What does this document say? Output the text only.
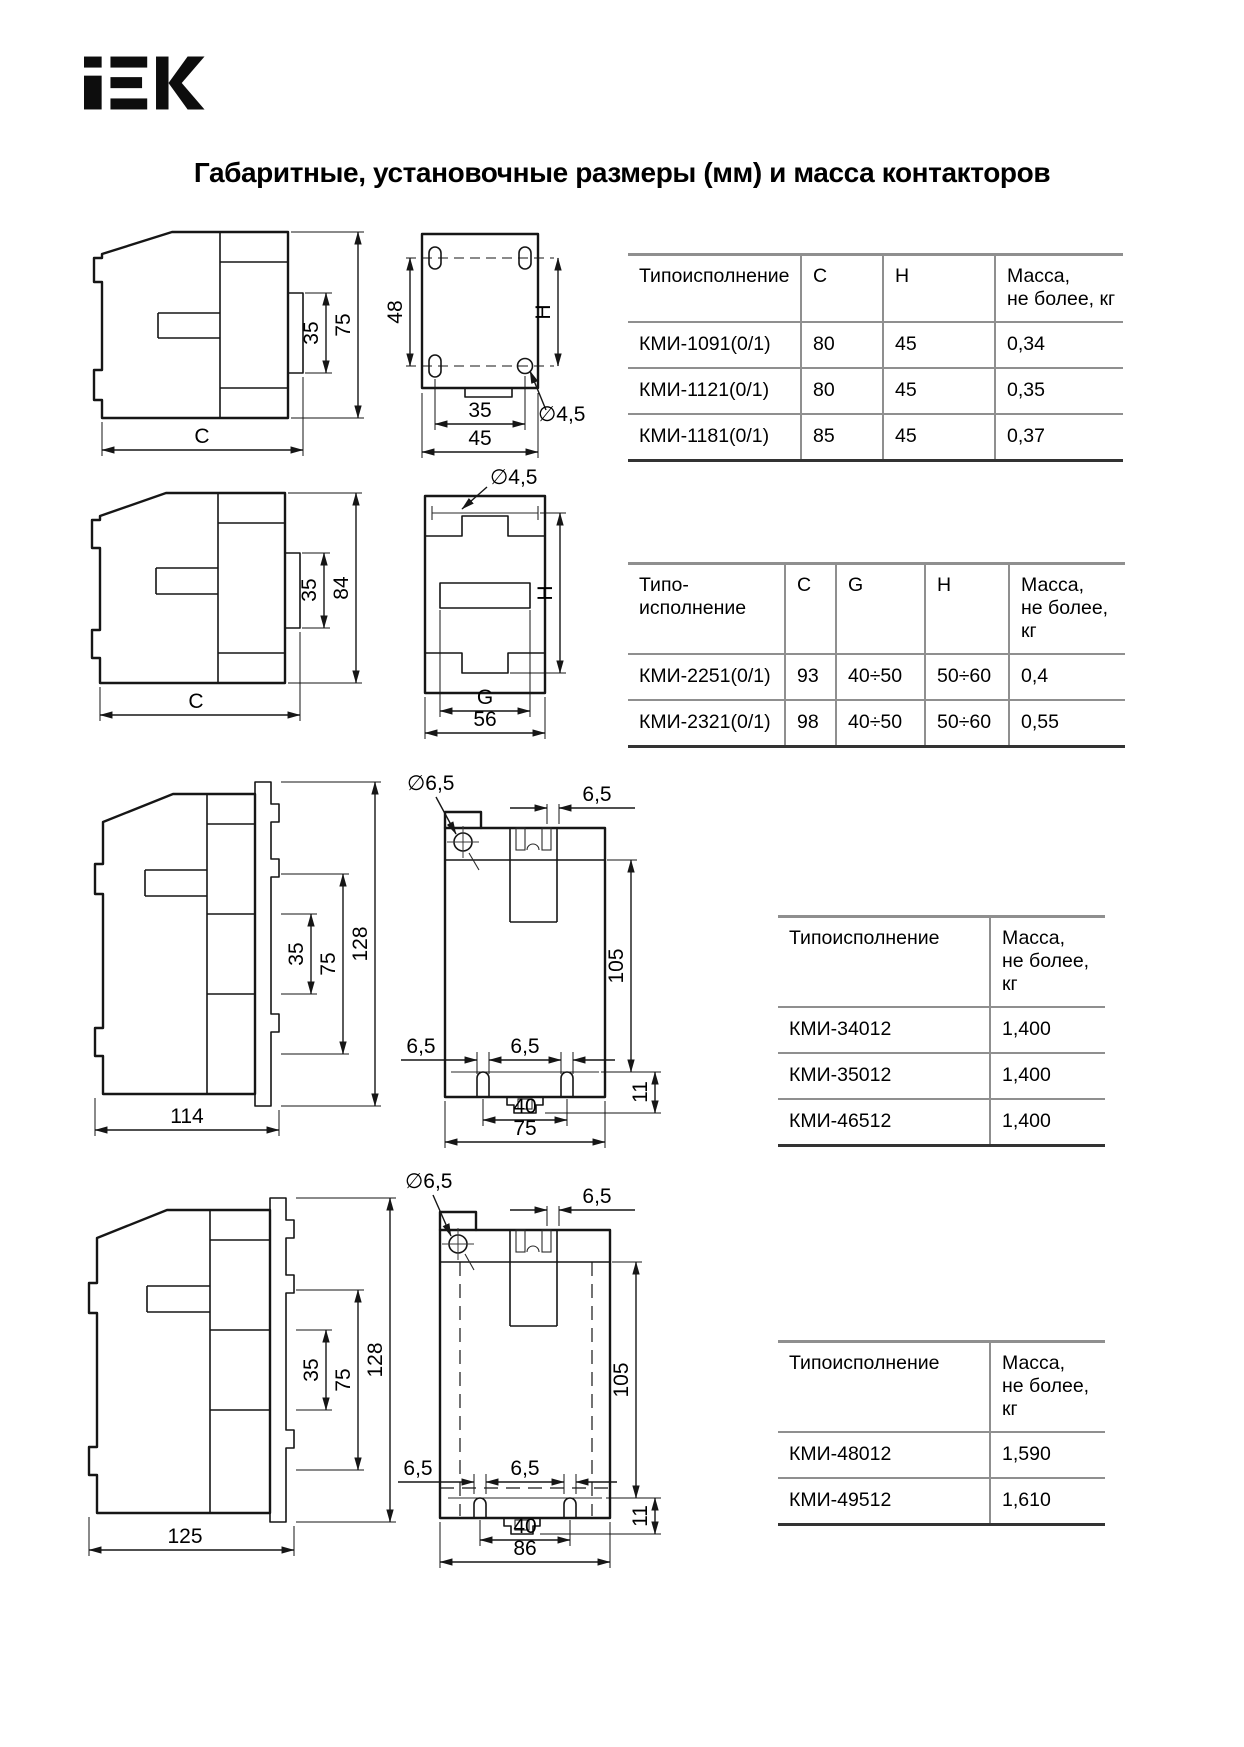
Габаритные, установочные размеры (мм) и масса контакторов
35 75
C
48	H
∅4,5
35
45
Типоисполнение	C	H	Масса,
не более, кг

КМИ-1091(0/1)	80	45	0,34
КМИ-1121(0/1)	80	45	0,35
КМИ-1181(0/1)	85	45	0,37
35 84
C
∅4,5
H
G
56
Типо-
исполнение
	C	G	H	Масса,
не более, кг

КМИ-2251(0/1)	93	40÷50	50÷60	0,4
КМИ-2321(0/1)	98	40÷50	50÷60	0,55
35 75
128
114
∅6,5	6,5
105
6,5	6,5
40
75
11
Типоисполнение	Масса,
не более, кг

КМИ-34012	1,400
КМИ-35012	1,400
КМИ-46512	1,400
35 75
128
125
∅6,5
6,5
105
6,5	6,5
40
86
11
Типоисполнение	Масса,
не более, кг

КМИ-48012	1,590
КМИ-49512	1,610
